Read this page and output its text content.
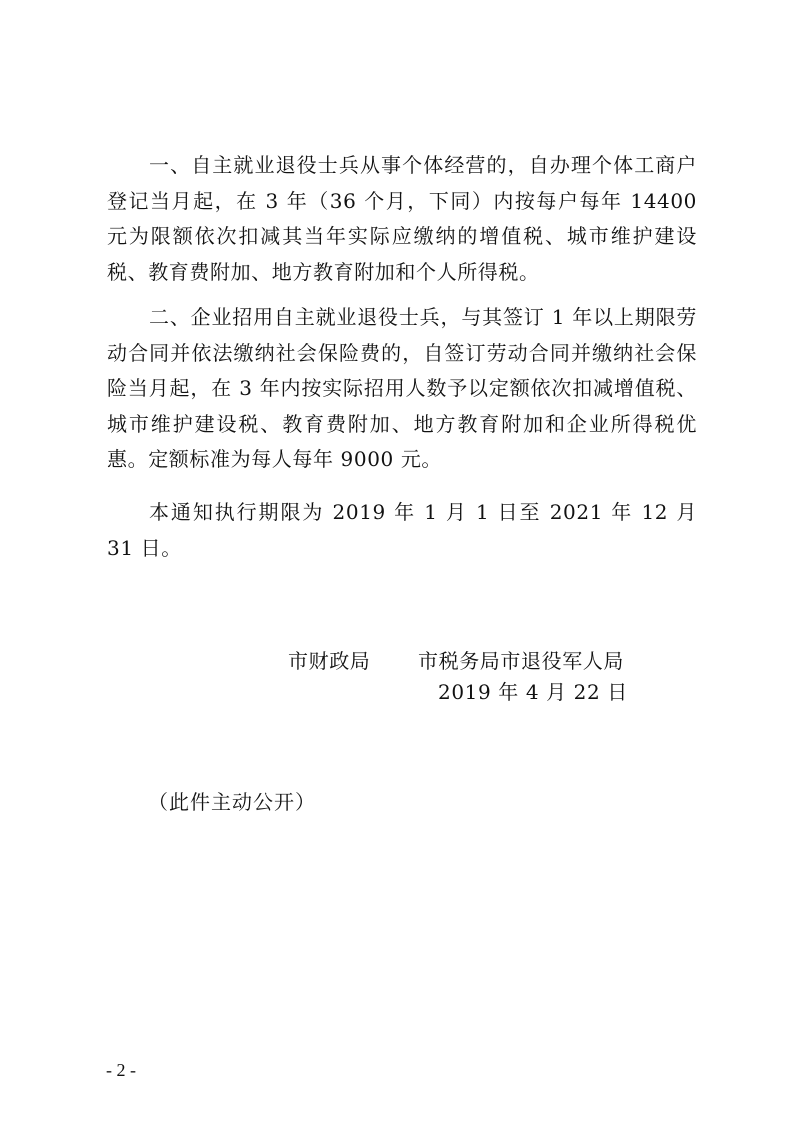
一、自主就业退役士兵从事个体经营的，自办理个体工商户登记当月起，在 3 年（36 个月，下同）内按每户每年 14400 元为限额依次扣减其当年实际应缴纳的增值税、城市维护建设税、教育费附加、地方教育附加和个人所得税。

二、企业招用自主就业退役士兵，与其签订 1 年以上期限劳动合同并依法缴纳社会保险费的，自签订劳动合同并缴纳社会保险当月起，在 3 年内按实际招用人数予以定额依次扣减增值税、城市维护建设税、教育费附加、地方教育附加和企业所得税优惠。定额标准为每人每年 9000 元。

本通知执行期限为 2019 年 1 月 1 日至 2021 年 12 月 31 日。

市财政局 市税务局市退役军人局

2019 年 4 月 22 日

（此件主动公开）

- 2 -
